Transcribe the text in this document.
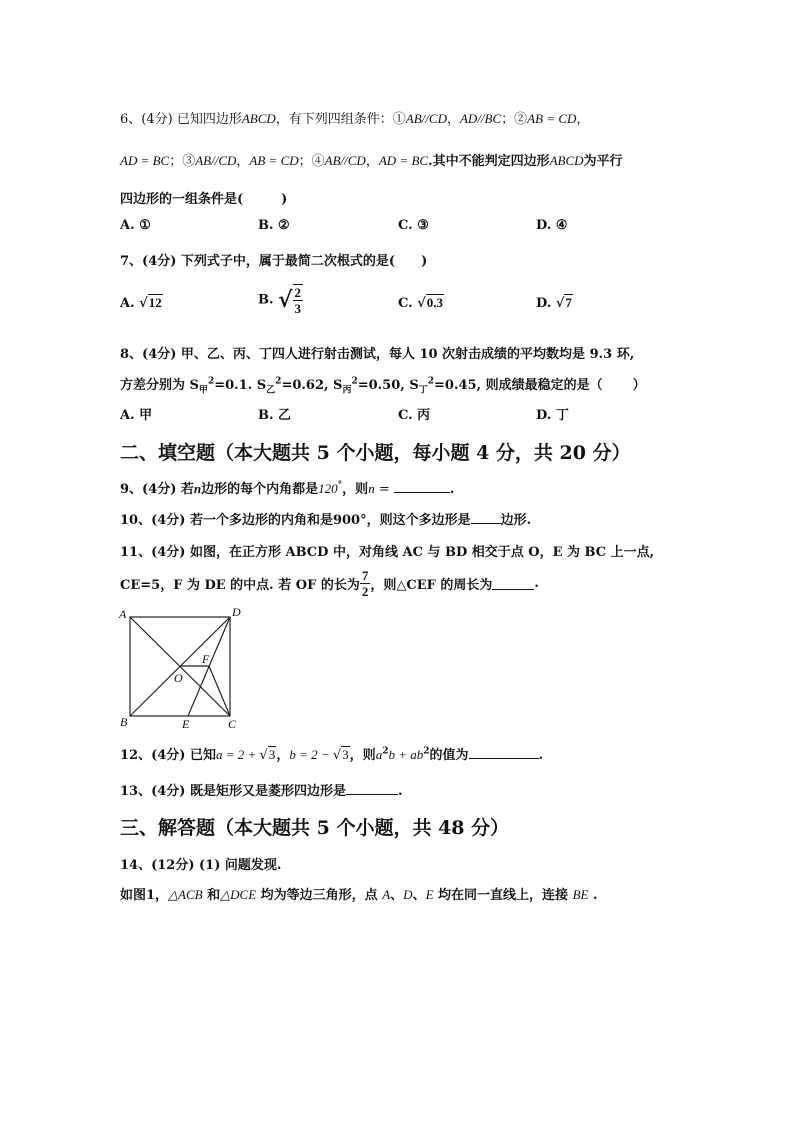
6、(4分) 已知四边形ABCD，有下列四组条件：①AB//CD，AD//BC；②AB = CD，
AD = BC；③AB//CD，AB = CD；④AB//CD，AD = BC.其中不能判定四边形ABCD为平行
四边形的一组条件是(	)
A. ①	B. ②	C. ③	D. ④
7、(4分) 下列式子中，属于最简二次根式的是( )
A. √12	B. √ $\frac{2}{3}$	C. √0.3	D. √7
8、(4分) 甲、乙、丙、丁四人进行射击测试，每人 10 次射击成绩的平均数均是 9.3 环,
方差分别为 $S_甲^2=0.1$. $S_乙^2=0.62$, $S_丙^2=0.50$, $S_丁^2=0.45$, 则成绩最稳定的是（ ）
A. 甲	B. 乙	C. 丙	D. 丁
二、填空题（本大题共 5 个小题，每小题 4 分，共 20 分）
9、(4分) 若n边形的每个内角都是120°，则n =	.
10、(4分) 若一个多边形的内角和是900°，则这个多边形是 边形.
11、(4分) 如图，在正方形 ABCD 中，对角线 AC 与 BD 相交于点 O，E 为 BC 上一点,
CE=5，F 为 DE 的中点. 若 OF 的长为 $\frac{7}{2}$ ，则△CEF 的周长为	.
A	D
B	C
E
O
F
12、(4分) 已知a = 2 + √3，b = 2 − √3，则$a^2b + ab^2$的值为	.
13、(4分) 既是矩形又是菱形四边形是	.
三、解答题（本大题共 5 个小题，共 48 分）
14、(12分) (1) 问题发现.
如图1，△ACB 和△DCE 均为等边三角形，点 A、D、E 均在同一直线上，连接 BE .
